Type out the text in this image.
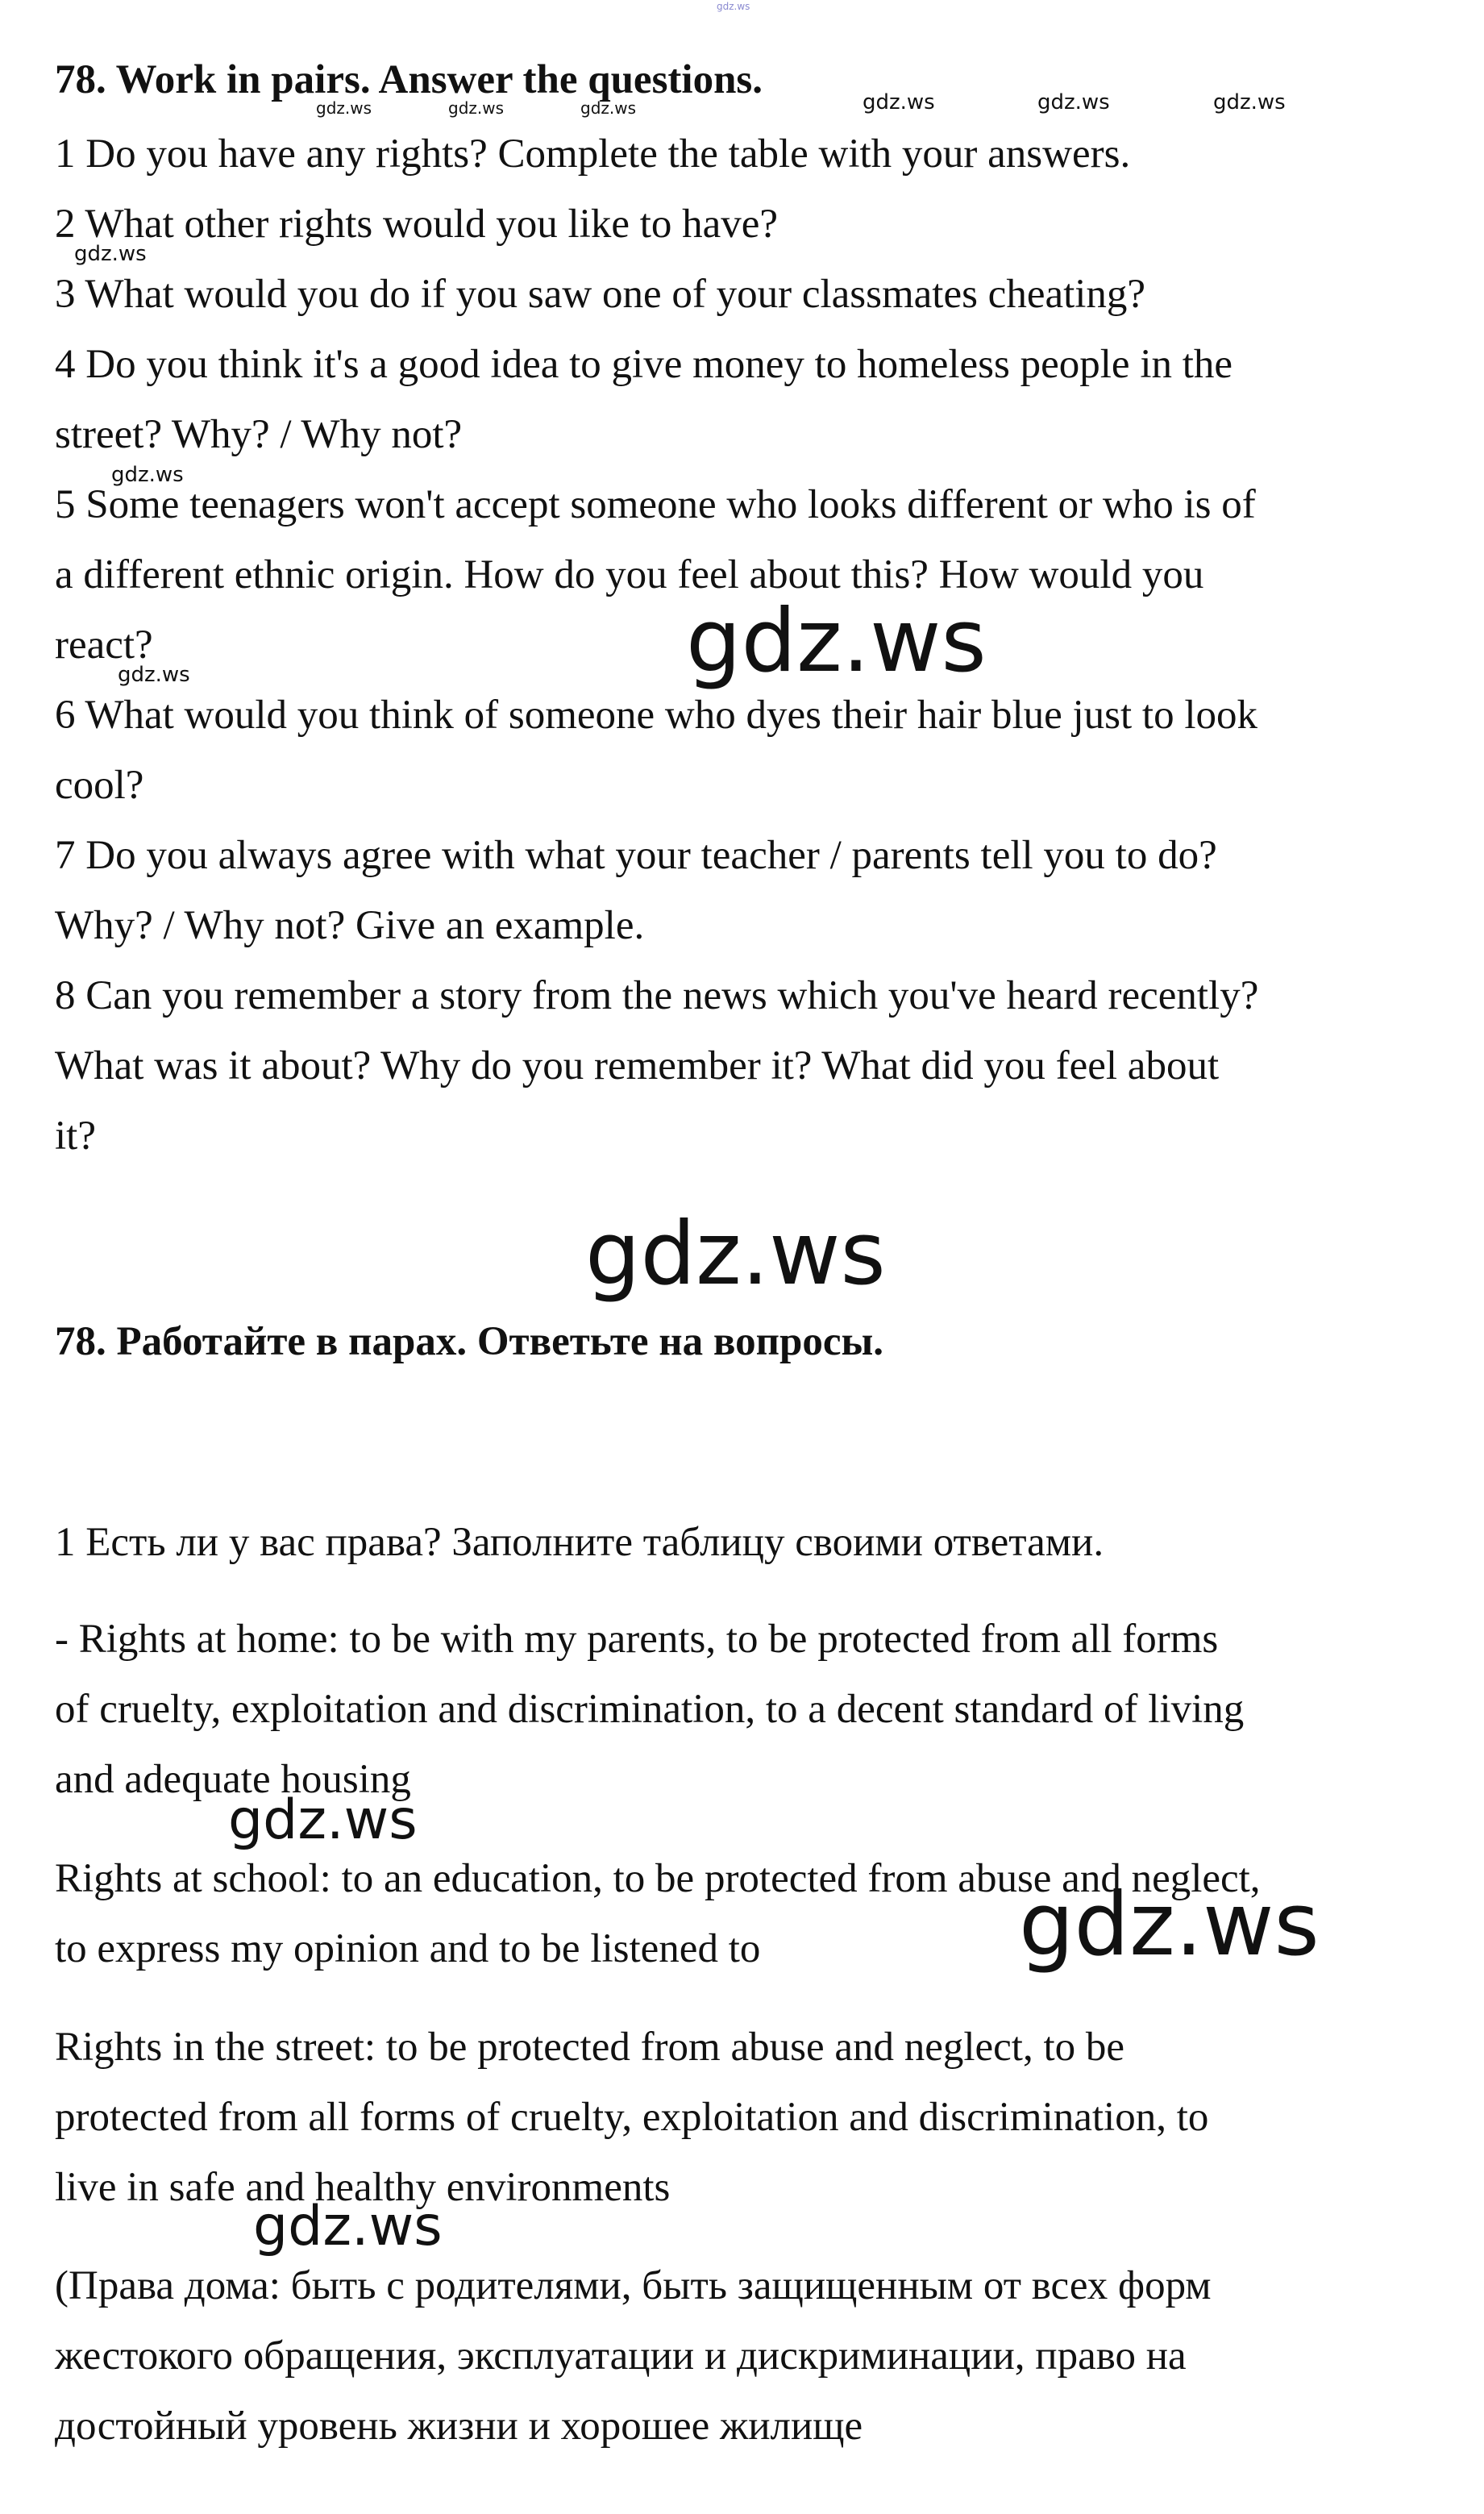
gdz.ws
78. Work in pairs. Answer the questions.
gdz.ws	gdz.ws	gdz.ws	gdz.ws	gdz.ws	gdz.ws
1 Do you have any rights? Complete the table with your answers.
2 What other rights would you like to have?
gdz.ws
3 What would you do if you saw one of your classmates cheating?
4 Do you think it's a good idea to give money to homeless people in the
street? Why? / Why not?
gdz.ws
5 Some teenagers won't accept someone who looks different or who is of
a different ethnic origin. How do you feel about this? How would you
react?	gdz.ws
gdz.ws
6 What would you think of someone who dyes their hair blue just to look
cool?
7 Do you always agree with what your teacher / parents tell you to do?
Why? / Why not? Give an example.
8 Can you remember a story from the news which you've heard recently?
What was it about? Why do you remember it? What did you feel about
it?
gdz.ws
78. Работайте в парах. Ответьте на вопросы.
1 Есть ли у вас права? Заполните таблицу своими ответами.
- Rights at home: to be with my parents, to be protected from all forms
of cruelty, exploitation and discrimination, to a decent standard of living
and adequate housing
gdz.ws
Rights at school: to an education, to be protected from abuse and neglect,
to express my opinion and to be listened to	gdz.ws
Rights in the street: to be protected from abuse and neglect, to be
protected from all forms of cruelty, exploitation and discrimination, to
live in safe and healthy environments
gdz.ws
(Права дома: быть с родителями, быть защищенным от всех форм
жестокого обращения, эксплуатации и дискриминации, право на
достойный уровень жизни и хорошее жилище
